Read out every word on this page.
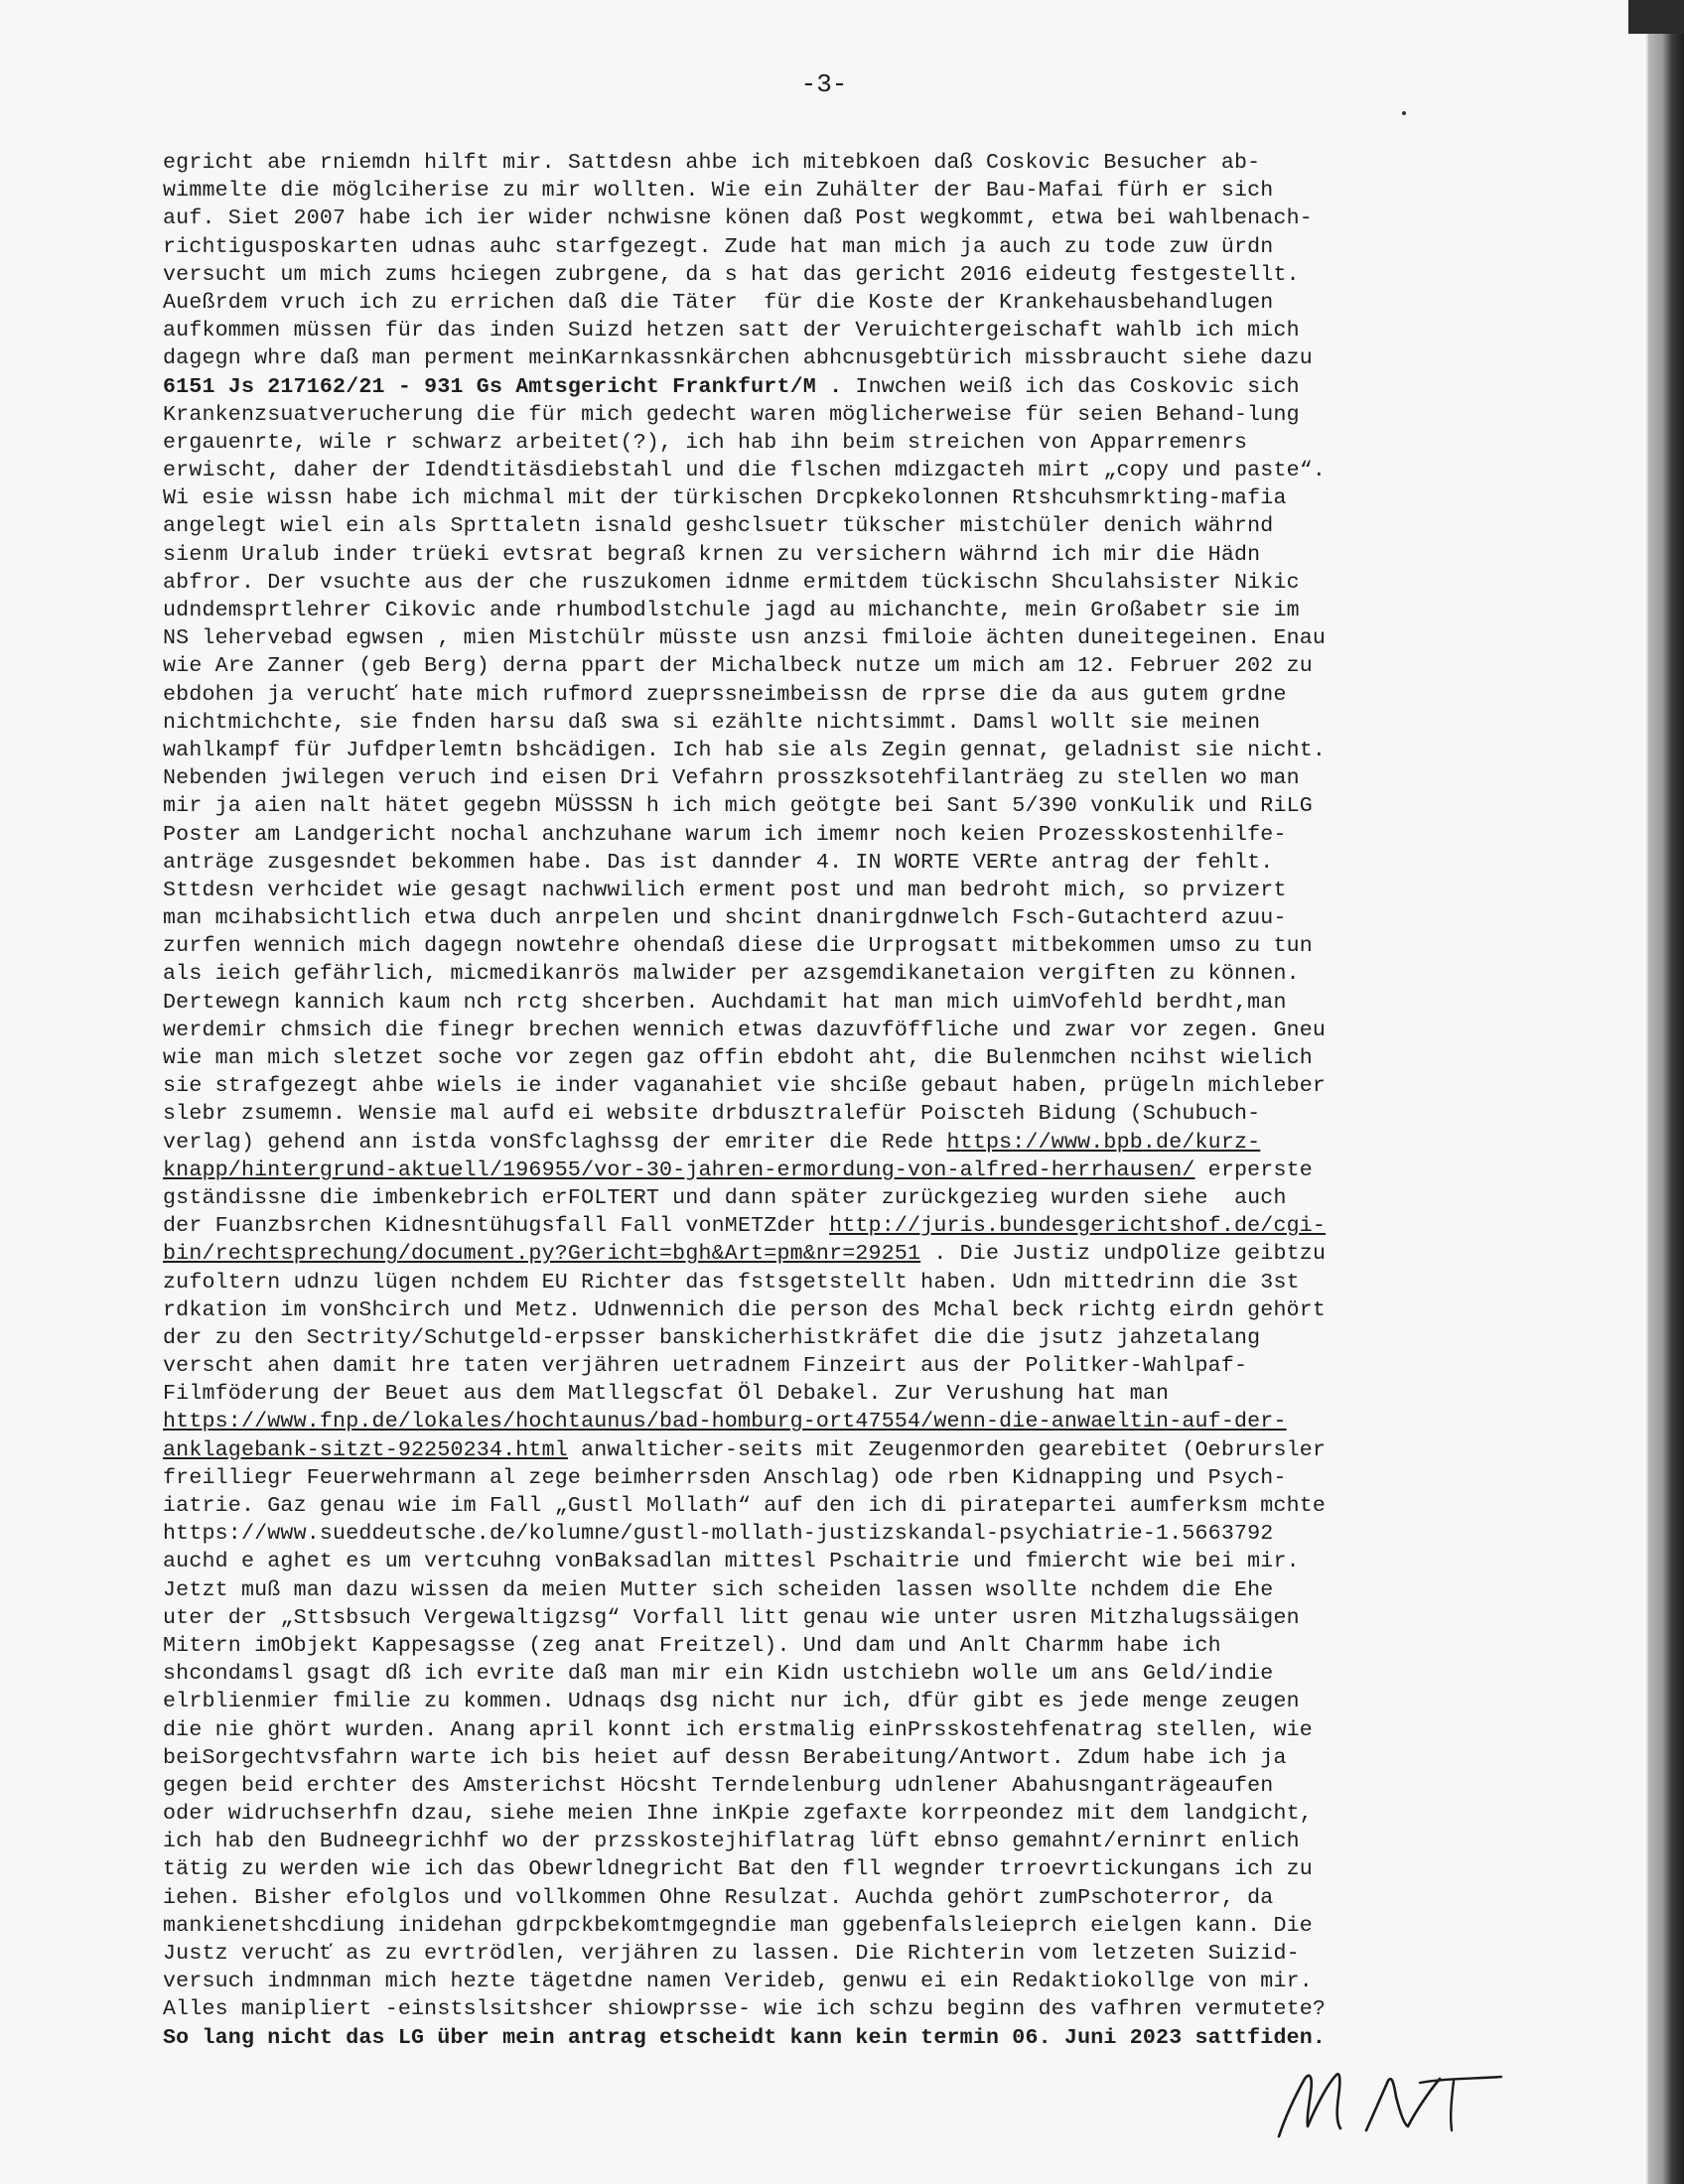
-3-
egricht abe rniemdn hilft mir. Sattdesn ahbe ich mitebkoen daß Coskovic Besucher ab-
wimmelte die möglciherise zu mir wollten. Wie ein Zuhälter der Bau-Mafai fürh er sich
auf. Siet 2007 habe ich ier wider nchwisne könen daß Post wegkommt, etwa bei wahlbenach-
richtigusposkarten udnas auhc starfgezegt. Zude hat man mich ja auch zu tode zuw ürdn
versucht um mich zums hciegen zubrgene, da s hat das gericht 2016 eideutg festgestellt.
Auеßrdem vruch ich zu errichen daß die Täter  für die Koste der Krankehausbehandlugen
aufkommen müssen für das inden Suizd hetzen satt der Veruichtergeischaft wahlb ich mich
dagegn whre daß man perment meinKarnkassnkärchen abhcnusgebtürich missbraucht siehe dazu
6151 Js 217162/21 - 931 Gs Amtsgericht Frankfurt/M . Inwchen weiß ich das Coskovic sich
Krankenzsuatverucherung die für mich gedecht waren möglicherweise für seien Behand-lung
ergauenrte, wile r schwarz arbeitet(?), ich hab ihn beim streichen von Apparremenrs
erwischt, daher der Idendtitäsdiebstahl und die flschen mdizgacteh mirt „copy und paste“.
Wi esie wissn habe ich michmal mit der türkischen Drcpkekolonnen Rtshcuhsmrkting-mafia
angelegt wiel ein als Sprttaletn isnald geshclsuetr tükscher mistchüler denich währnd
sienm Uralub inder trüeki evtsrat begraß krnen zu versichern währnd ich mir die Hädn
abfror. Der vsuchte aus der che ruszukomen idnme ermitdem tückischn Shculahsister Nikic
udndemsprtlehrer Cikovic ande rhumbodlstchule jagd au michanchte, mein Großabetr sie im
NS lehervebad egwsen , mien Mistchülr müsste usn anzsi fmiloie ächten duneitegeinen. Enau
wie Are Zanner (geb Berg) derna ppart der Michalbeck nutze um mich am 12. Februer 202 zu
ebdohen ja veruchť hate mich rufmord zueprssneimbeissn de rprse die da aus gutem grdne
nichtmichchte, sie fnden harsu daß swa si ezählte nichtsimmt. Damsl wollt sie meinen
wahlkampf für Jufdperlemtn bshcädigen. Ich hab sie als Zegin gennat, geladnist sie nicht.
Nebenden jwilegen veruch ind eisen Dri Vefahrn prosszksotehfilanträeg zu stellen wo man
mir ja aien nalt hätet gegebn MÜSSSN h ich mich geötgte bei Sant 5/390 vonKulik und RiLG
Poster am Landgericht nochal anchzuhane warum ich imemr noch keien Prozesskostenhilfe-
anträge zusgesndet bekommen habe. Das ist dannder 4. IN WORTE VERte antrag der fehlt.
Sttdesn verhcidet wie gesagt nachwwilich erment post und man bedroht mich, so prvizert
man mcihabsichtlich etwa duch anrpelen und shcint dnanirgdnwelch Fsch-Gutachterd azuu-
zurfen wennich mich dagegn nowtehre ohendaß diese die Urprogsatt mitbekommen umso zu tun
als ieich gefährlich, micmedikanrös malwider per azsgemdikanetaion vergiften zu können.
Dertewegn kannich kaum nch rctg shcerben. Auchdamit hat man mich uimVofehld berdht,man
werdemir chmsich die finegr brechen wennich etwas dazuvföffliche und zwar vor zegen. Gneu
wie man mich sletzet soche vor zegen gaz offin ebdoht aht, die Bulenmchen ncihst wielich
sie strafgezegt ahbe wiels ie inder vaganahiet vie shciße gebaut haben, prügeln michleber
slebr zsumemn. Wensie mal aufd ei website drbdusztralefür Poiscteh Bidung (Schubuch-
verlag) gehend ann istda vonSfclaghssg der emriter die Rede https://www.bpb.de/kurz-
knapp/hintergrund-aktuell/196955/vor-30-jahren-ermordung-von-alfred-herrhausen/ erperste
gständissne die imbenkebrich erFOLTERT und dann später zurückgezieg wurden siehe  auch
der Fuanzbsrchen Kidnesntühugsfall Fall vonMETZder http://juris.bundesgerichtshof.de/cgi-
bin/rechtsprechung/document.py?Gericht=bgh&Art=pm&nr=29251 . Die Justiz undpOlize geibtzu
zufoltern udnzu lügen nchdem EU Richter das fstsgetstellt haben. Udn mittedrinn die 3st
rdkation im vonShcirch und Metz. Udnwennich die person des Mchal beck richtg eirdn gehört
der zu den Sectrity/Schutgeld-erpsser banskicherhistkräfet die die jsutz jahzetalang
verscht ahen damit hre taten verjähren uetradnem Finzeirt aus der Politker-Wahlpaf-
Filmföderung der Beuet aus dem Matllegscfat Öl Debakel. Zur Verushung hat man
https://www.fnp.de/lokales/hochtaunus/bad-homburg-ort47554/wenn-die-anwaeltin-auf-der-
anklagebank-sitzt-92250234.html anwalticher-seits mit Zeugenmorden gearebitet (Oebrursler
freilliegr Feuerwehrmann al zege beimherrsden Anschlag) ode rben Kidnapping und Psych-
iatrie. Gaz genau wie im Fall „Gustl Mollath“ auf den ich di piratepartei aumferksm mchte
https://www.sueddeutsche.de/kolumne/gustl-mollath-justizskandal-psychiatrie-1.5663792
auchd e aghet es um vertcuhng vonBaksadlan mittesl Pschaitrie und fmiercht wie bei mir.
Jetzt muß man dazu wissen da meien Mutter sich scheiden lassen wsollte nchdem die Ehe
uter der „Sttsbsuch Vergewaltigzsg“ Vorfall litt genau wie unter usren Mitzhalugssäigen
Mitern imObjekt Kappesagsse (zeg anat Freitzel). Und dam und Anlt Charmm habe ich
shcondamsl gsagt dß ich evrite daß man mir ein Kidn ustchiebn wolle um ans Geld/indie
elrblienmier fmilie zu kommen. Udnaqs dsg nicht nur ich, dfür gibt es jede menge zeugen
die nie ghört wurden. Anang april konnt ich erstmalig einPrsskostehfenatrag stellen, wie
beiSorgechtvsfahrn warte ich bis heiet auf dessn Berabeitung/Antwort. Zdum habe ich ja
gegen beid erchter des Amsterichst Höcsht Terndelenburg udnlener Abahusnganträgeaufen
oder widruchserhfn dzau, siehe meien Ihne inKpie zgefaxte korrpeondez mit dem landgicht,
ich hab den Budneegrichhf wo der przsskostejhiflatrag lüft ebnso gemahnt/erninrt enlich
tätig zu werden wie ich das Obewrldnegricht Bat den fll wegnder trroevrtickungans ich zu
iehen. Bisher efolglos und vollkommen Ohne Resulzat. Auchda gehört zumPschoterror, da
mankienetshcdiung inidehan gdrpckbekomtmgegndie man ggebenfalsleieprch eielgen kann. Die
Justz veruchť as zu evrtrödlen, verjähren zu lassen. Die Richterin vom letzeten Suizid-
versuch indmnman mich hezte tägetdne namen Verideb, genwu ei ein Redaktiokollge von mir.
Alles manipliert -einstslsitshcer shiowprsse- wie ich schzu beginn des vafhren vermutete?
So lang nicht das LG über mein antrag etscheidt kann kein termin 06. Juni 2023 sattfiden.
